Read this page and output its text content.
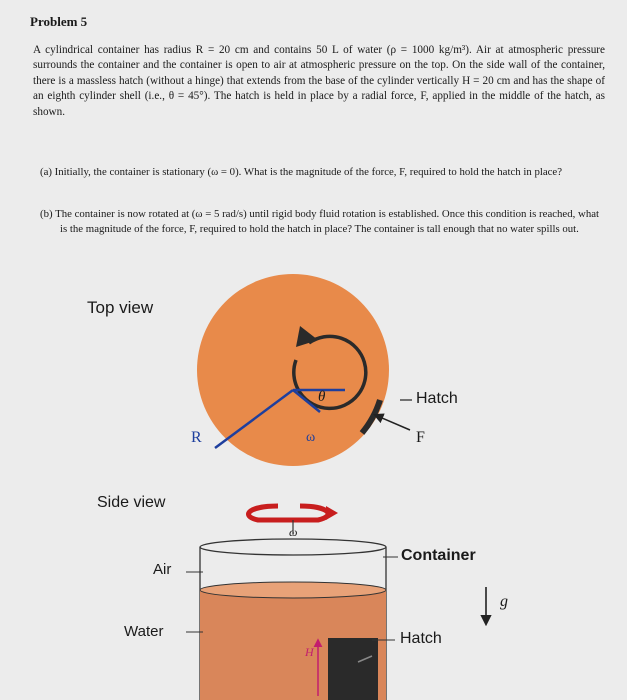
Problem 5
A cylindrical container has radius R = 20 cm and contains 50 L of water (ρ = 1000 kg/m³). Air at atmospheric pressure surrounds the container and the container is open to air at atmospheric pressure on the top. On the side wall of the container, there is a massless hatch (without a hinge) that extends from the base of the cylinder vertically H = 20 cm and has the shape of an eighth cylinder shell (i.e., θ = 45°). The hatch is held in place by a radial force, F, applied in the middle of the hatch, as shown.

(a) Initially, the container is stationary (ω = 0). What is the magnitude of the force, F, required to hold the hatch in place?

(b) The container is now rotated at (ω = 5 rad/s) until rigid body fluid rotation is established. Once this condition is reached, what is the magnitude of the force, F, required to hold the hatch in place? The container is tall enough that no water spills out.

Top view
θ	Hatch
R	ω	F
Side view
ω
Air
Water
Container
Hatch
H
g
